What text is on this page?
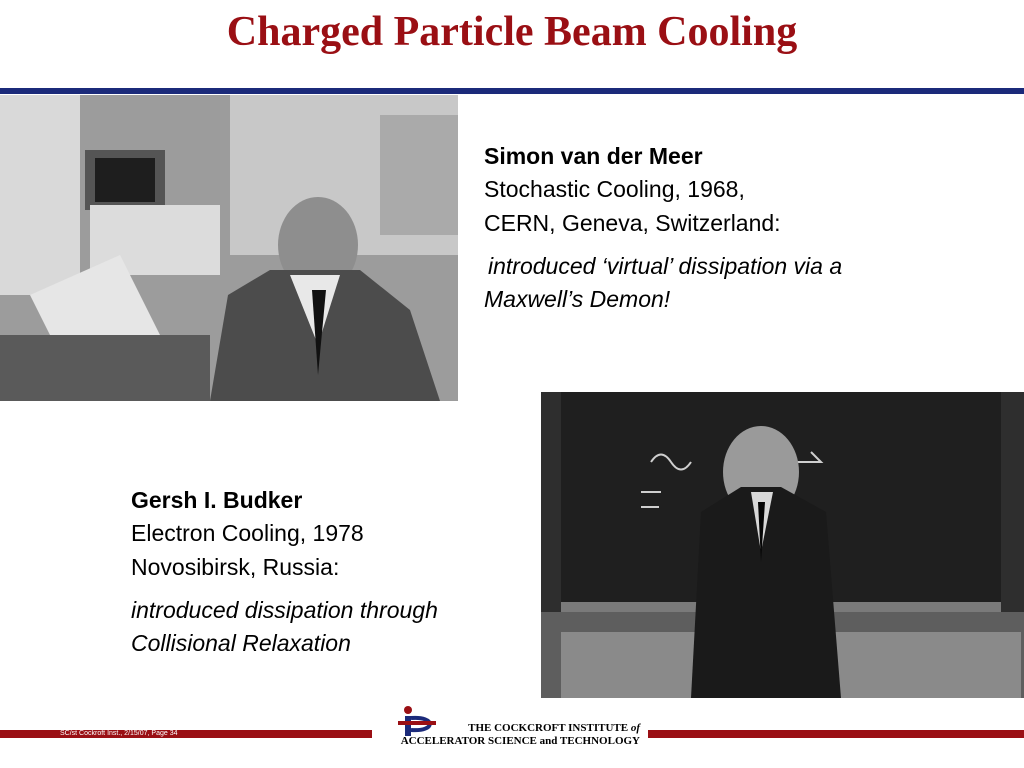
Charged Particle Beam Cooling
Simon van der Meer
Stochastic Cooling, 1968,
CERN, Geneva, Switzerland:
introduced ‘virtual’ dissipation via a
Maxwell’s Demon!
Gersh I. Budker
Electron Cooling, 1978
Novosibirsk, Russia:
introduced dissipation through
Collisional Relaxation
SC/st Cockroft Inst., 2/15/07, Page 34	THE COCKCROFT INSTITUTE of
ACCELERATOR SCIENCE and TECHNOLOGY
